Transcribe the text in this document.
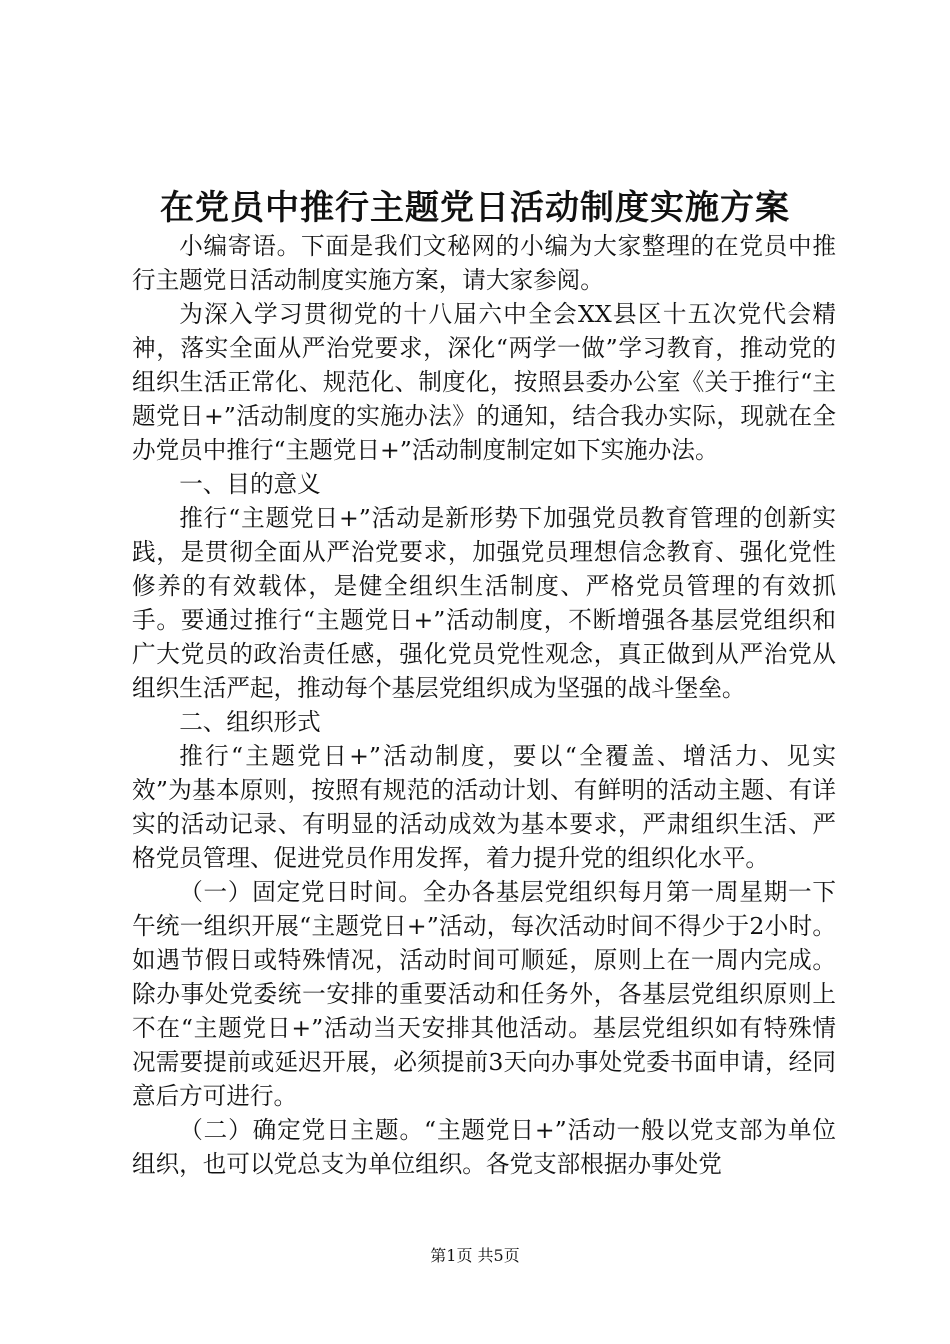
在党员中推行主题党日活动制度实施方案

小编寄语。下面是我们文秘网的小编为大家整理的在党员中推行主题党日活动制度实施方案，请大家参阅。

为深入学习贯彻党的十八届六中全会XX县区十五次党代会精神，落实全面从严治党要求，深化“两学一做”学习教育，推动党的组织生活正常化、规范化、制度化，按照县委办公室《关于推行“主题党日+”活动制度的实施办法》的通知，结合我办实际，现就在全办党员中推行“主题党日+”活动制度制定如下实施办法。

一、目的意义

推行“主题党日+”活动是新形势下加强党员教育管理的创新实践，是贯彻全面从严治党要求，加强党员理想信念教育、强化党性修养的有效载体，是健全组织生活制度、严格党员管理的有效抓手。要通过推行“主题党日+”活动制度，不断增强各基层党组织和广大党员的政治责任感，强化党员党性观念，真正做到从严治党从组织生活严起，推动每个基层党组织成为坚强的战斗堡垒。

二、组织形式

推行“主题党日+”活动制度，要以“全覆盖、增活力、见实效”为基本原则，按照有规范的活动计划、有鲜明的活动主题、有详实的活动记录、有明显的活动成效为基本要求，严肃组织生活、严格党员管理、促进党员作用发挥，着力提升党的组织化水平。

（一）固定党日时间。全办各基层党组织每月第一周星期一下午统一组织开展“主题党日+”活动，每次活动时间不得少于2小时。如遇节假日或特殊情况，活动时间可顺延，原则上在一周内完成。除办事处党委统一安排的重要活动和任务外，各基层党组织原则上不在“主题党日+”活动当天安排其他活动。基层党组织如有特殊情况需要提前或延迟开展，必须提前3天向办事处党委书面申请，经同意后方可进行。

（二）确定党日主题。“主题党日+”活动一般以党支部为单位组织，也可以党总支为单位组织。各党支部根据办事处党

第1页 共5页
